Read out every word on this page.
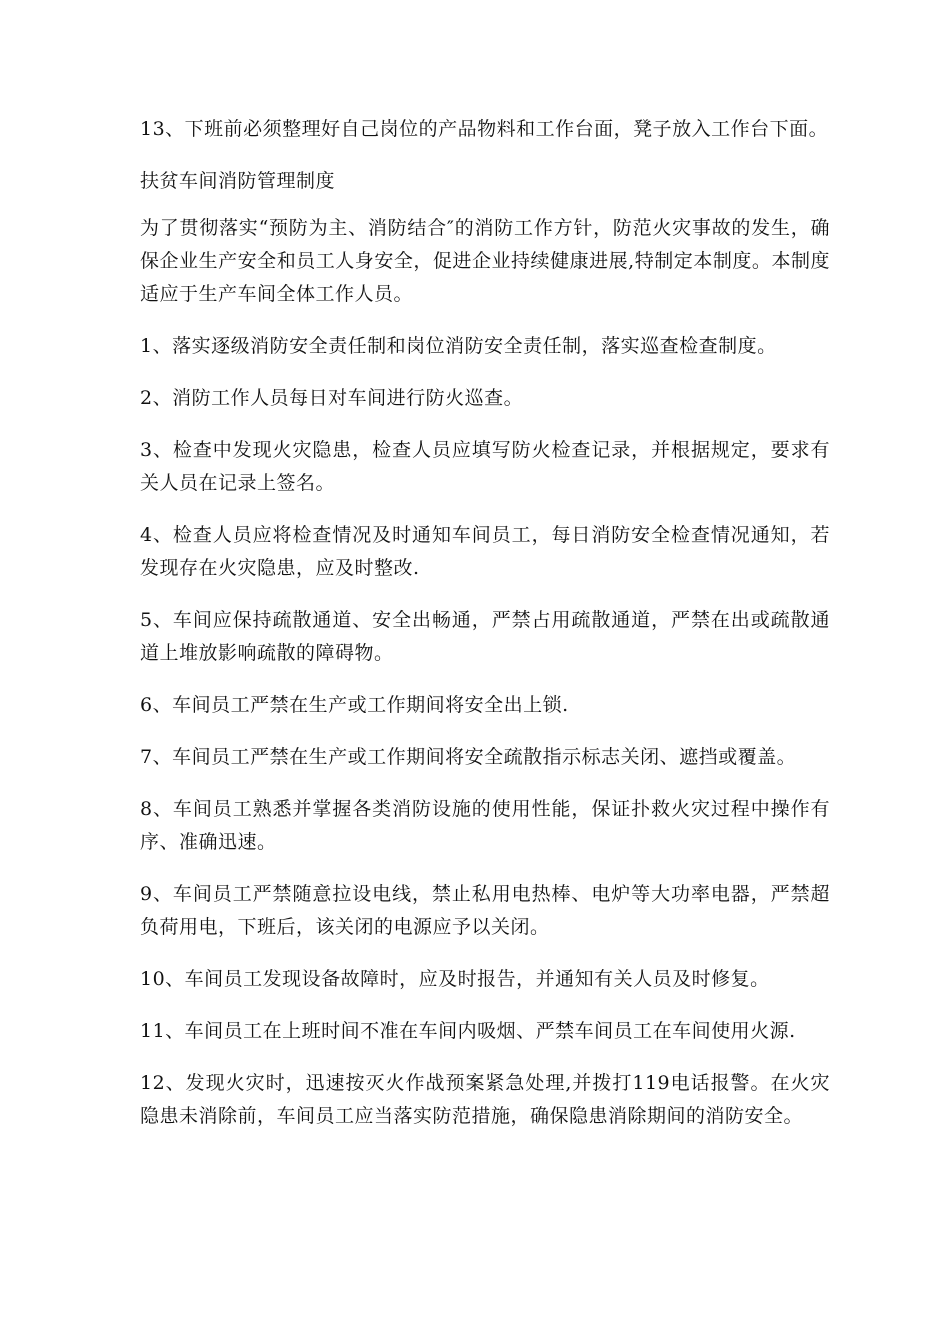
13、下班前必须整理好自己岗位的产品物料和工作台面，凳子放入工作台下面。

扶贫车间消防管理制度

为了贯彻落实“预防为主、消防结合″的消防工作方针，防范火灾事故的发生，确保企业生产安全和员工人身安全，促进企业持续健康进展,特制定本制度。本制度适应于生产车间全体工作人员。

1、落实逐级消防安全责任制和岗位消防安全责任制，落实巡查检查制度。

2、消防工作人员每日对车间进行防火巡查。

3、检查中发现火灾隐患，检查人员应填写防火检查记录，并根据规定，要求有关人员在记录上签名。

4、检查人员应将检查情况及时通知车间员工，每日消防安全检查情况通知，若发现存在火灾隐患，应及时整改.

5、车间应保持疏散通道、安全出畅通，严禁占用疏散通道，严禁在出或疏散通道上堆放影响疏散的障碍物。

6、车间员工严禁在生产或工作期间将安全出上锁.

7、车间员工严禁在生产或工作期间将安全疏散指示标志关闭、遮挡或覆盖。

8、车间员工熟悉并掌握各类消防设施的使用性能，保证扑救火灾过程中操作有序、准确迅速。

9、车间员工严禁随意拉设电线，禁止私用电热棒、电炉等大功率电器，严禁超负荷用电，下班后，该关闭的电源应予以关闭。

10、车间员工发现设备故障时，应及时报告，并通知有关人员及时修复。

11、车间员工在上班时间不准在车间内吸烟、严禁车间员工在车间使用火源.

12、发现火灾时，迅速按灭火作战预案紧急处理,并拨打119电话报警。在火灾隐患未消除前，车间员工应当落实防范措施，确保隐患消除期间的消防安全。
